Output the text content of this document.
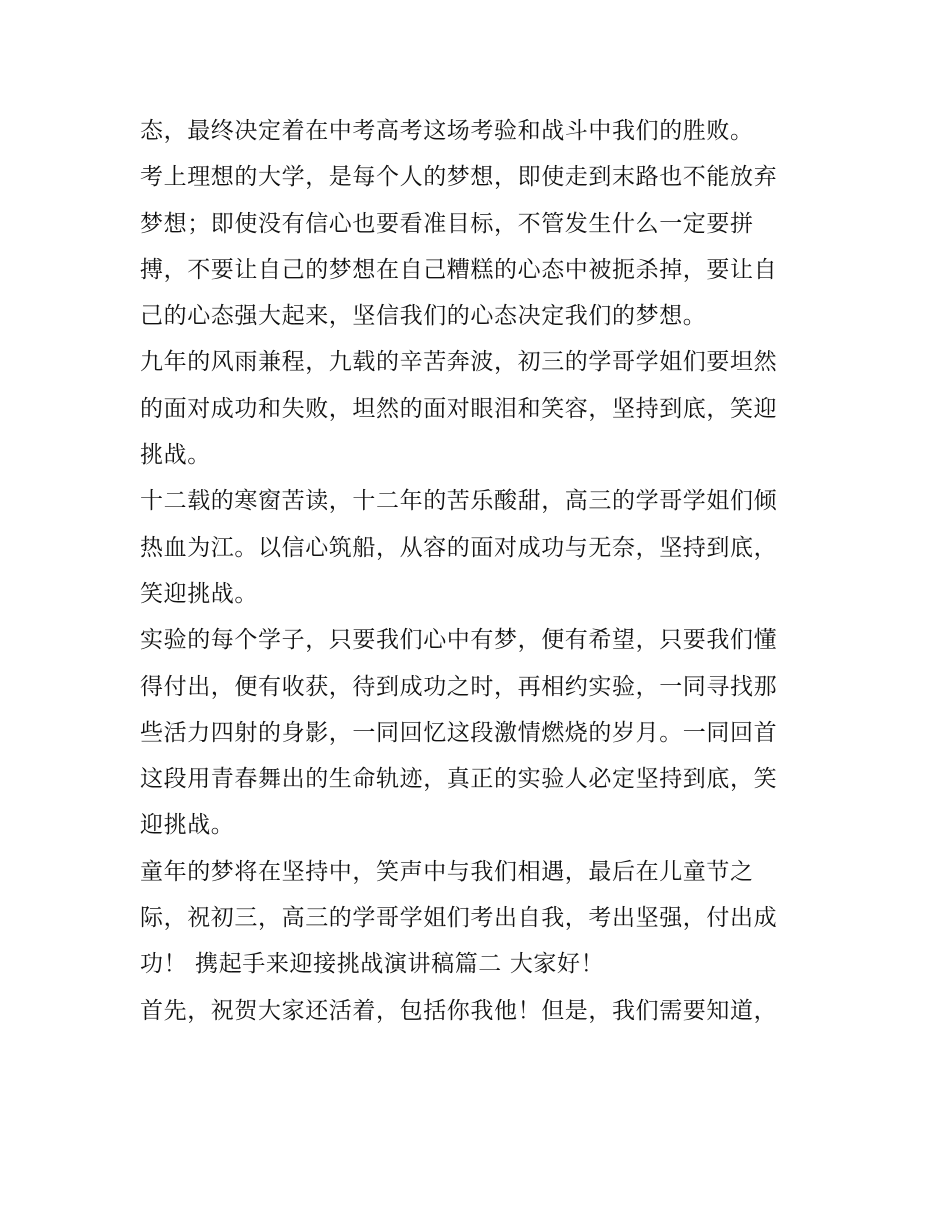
态，最终决定着在中考高考这场考验和战斗中我们的胜败。
考上理想的大学，是每个人的梦想，即使走到末路也不能放弃
梦想；即使没有信心也要看准目标，不管发生什么一定要拼
搏，不要让自己的梦想在自己糟糕的心态中被扼杀掉，要让自
己的心态强大起来，坚信我们的心态决定我们的梦想。
九年的风雨兼程，九载的辛苦奔波，初三的学哥学姐们要坦然
的面对成功和失败，坦然的面对眼泪和笑容，坚持到底，笑迎
挑战。
十二载的寒窗苦读，十二年的苦乐酸甜，高三的学哥学姐们倾
热血为江。以信心筑船，从容的面对成功与无奈，坚持到底，
笑迎挑战。
实验的每个学子，只要我们心中有梦，便有希望，只要我们懂
得付出，便有收获，待到成功之时，再相约实验，一同寻找那
些活力四射的身影，一同回忆这段激情燃烧的岁月。一同回首
这段用青春舞出的生命轨迹，真正的实验人必定坚持到底，笑
迎挑战。
童年的梦将在坚持中，笑声中与我们相遇，最后在儿童节之
际，祝初三，高三的学哥学姐们考出自我，考出坚强，付出成
功！ 携起手来迎接挑战演讲稿篇二 大家好！
首先，祝贺大家还活着，包括你我他！但是，我们需要知道，
